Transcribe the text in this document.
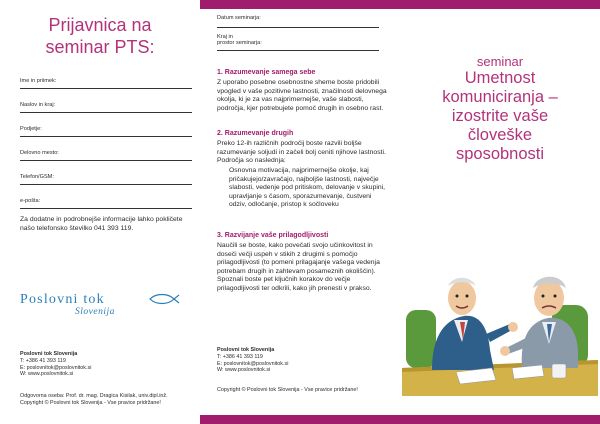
Prijavnica na
seminar PTS:
Ime in priimek:
Naslov in kraj:
Podjetje:
Delovno mesto:
Telefon/GSM:
e-pošta:
Za dodatne in podrobnejše informacije lahko pokličete našo telefonsko številko 041 393 119.
Poslovni tok
Slovenija
Poslovni tok Slovenija
T: +386 41 393 119
E: poslovnitok@poslovnitok.si
W: www.poslovnitok.si
Odgovorna oseba: Prof. dr. mag. Dragica Kisilak, univ.dipl.inž.
Copyright © Poslovni tok Slovenija - Vse pravice pridržane!
Datum seminarja:
Kraj in
prostor seminarja:
1. Razumevanje samega sebe
Z uporabo posebne osebnostne sheme boste pridobili vpogled v vaše pozitivne lastnosti, značilnosti delovnega okolja, ki je za vas najprimernejše, vaše slabosti, področja, kjer potrebujete pomoč drugih in osebno rast.
2. Razumevanje drugih
Preko 12-ih različnih področij boste razvili boljše razumevanje soljudi in začeli bolj ceniti njihove lastnosti. Področja so naslednja:
Osnovna motivacija, najprimernejše okolje, kaj pričakujejo/zavračajo, najboljše lastnosti, največje slabosti, vedenje pod pritiskom, delovanje v skupini, upravljanje s časom, sporazumevanje, čustveni odziv, odločanje, pristop k sočloveku
3. Razvijanje vaše prilagodljivosti
Naučili se boste, kako povečati svojo učinkovitost in doseči večji uspeh v stikih z drugimi s pomočjo prilagodljivosti (to pomeni prilagajanje vašega vedenja potrebam drugih in zahtevam posameznih okoliščin). Spoznali boste pet ključnih korakov do večje prilagodljivosti ter odkrili, kako jih prenesti v prakso.
Poslovni tok Slovenija
T: +386 41 393 119
E: poslovnitok@poslovnitok.si
W: www.poslovnitok.si
Copyright © Poslovni tok Slovenija - Vse pravice pridržane!
seminar
Umetnost
komuniciranja –
izostrite vaše
človeške
sposobnosti
